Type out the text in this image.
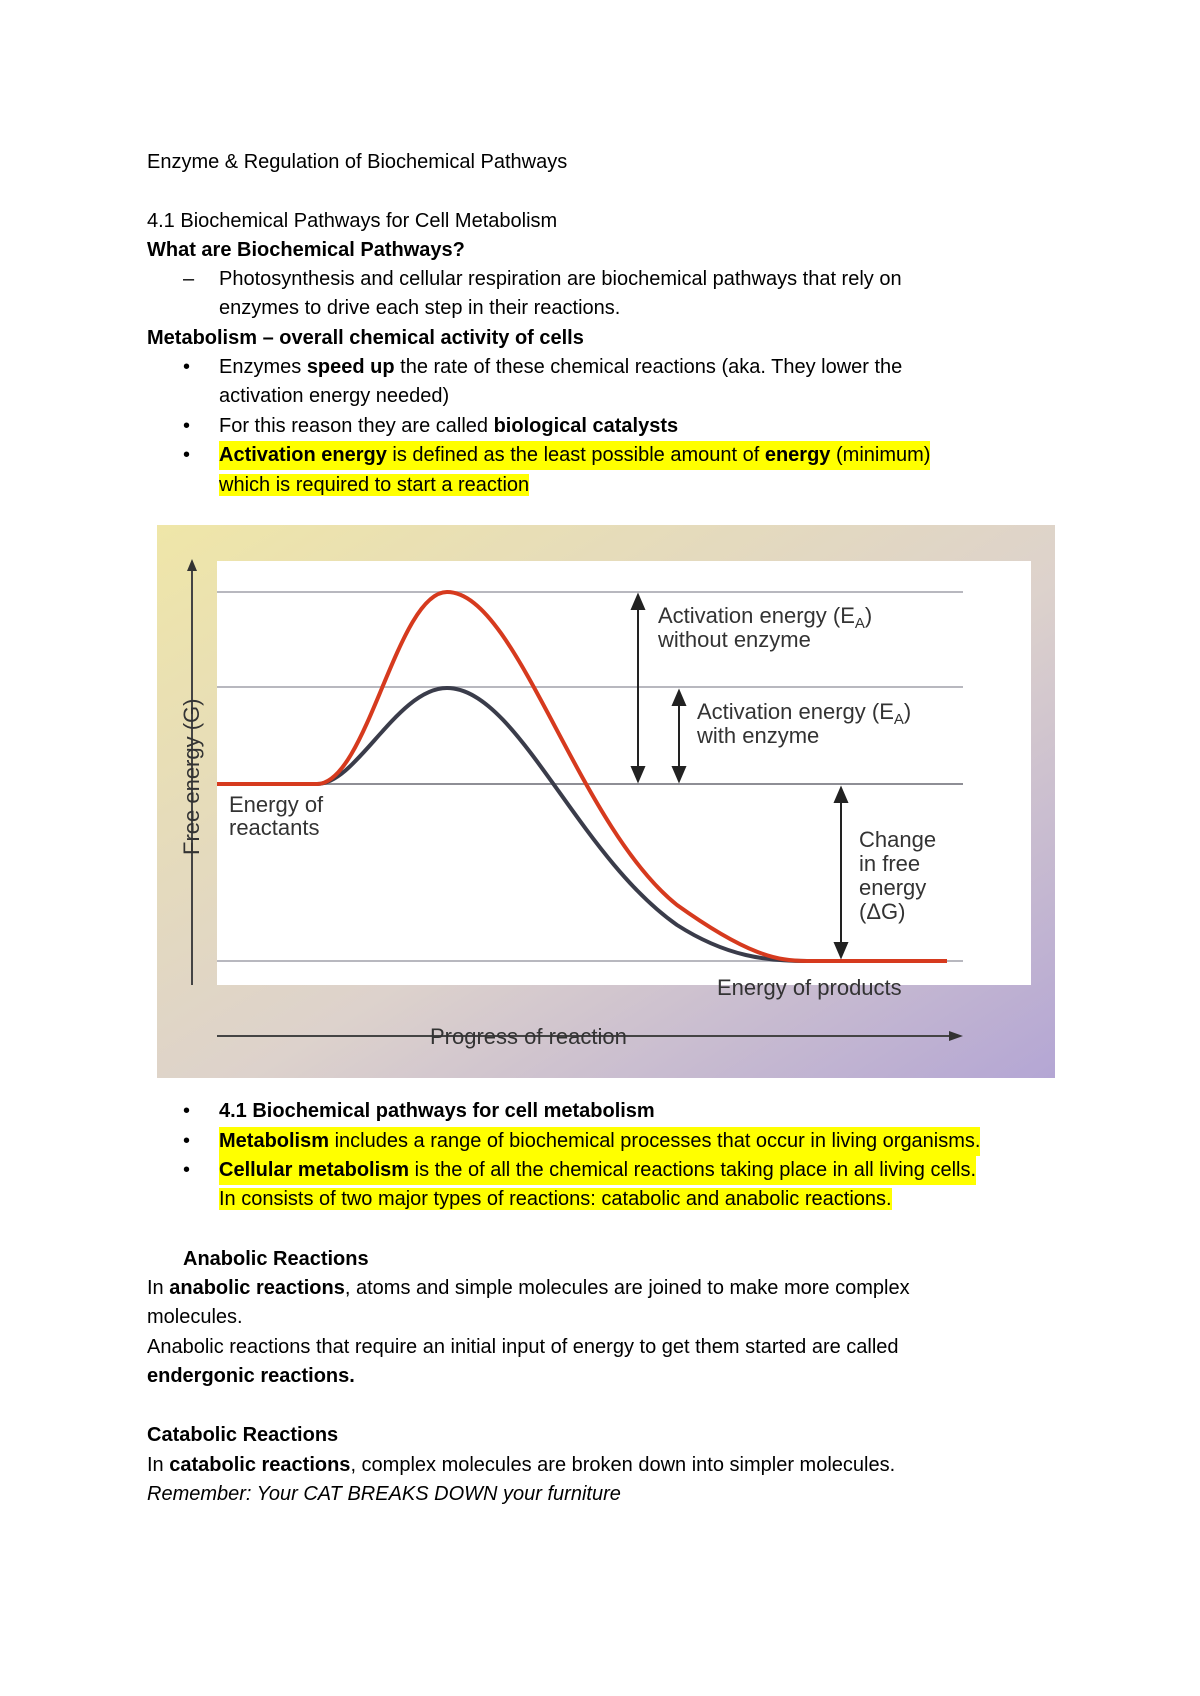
Enzyme & Regulation of Biochemical Pathways
4.1 Biochemical Pathways for Cell Metabolism
What are Biochemical Pathways?
–	Photosynthesis and cellular respiration are biochemical pathways that rely on
enzymes to drive each step in their reactions.
Metabolism – overall chemical activity of cells
•	Enzymes speed up the rate of these chemical reactions (aka. They lower the
activation energy needed)
•	For this reason they are called biological catalysts
•	Activation energy is defined as the least possible amount of energy (minimum)
which is required to start a reaction
Activation energy $(E_A)$
without enzyme
Activation energy $(E_A)$
with enzyme
Energy of
reactants	Change
in free
energy
(ΔG)
Energy of products
Progress of reaction
Free energy (G)
•	4.1 Biochemical pathways for cell metabolism
•	Metabolism includes a range of biochemical processes that occur in living organisms.
•	Cellular metabolism is the of all the chemical reactions taking place in all living cells.
In consists of two major types of reactions: catabolic and anabolic reactions.
Anabolic Reactions
In anabolic reactions, atoms and simple molecules are joined to make more complex
molecules.
Anabolic reactions that require an initial input of energy to get them started are called
endergonic reactions.
Catabolic Reactions
In catabolic reactions, complex molecules are broken down into simpler molecules.
Remember: Your CAT BREAKS DOWN your furniture
